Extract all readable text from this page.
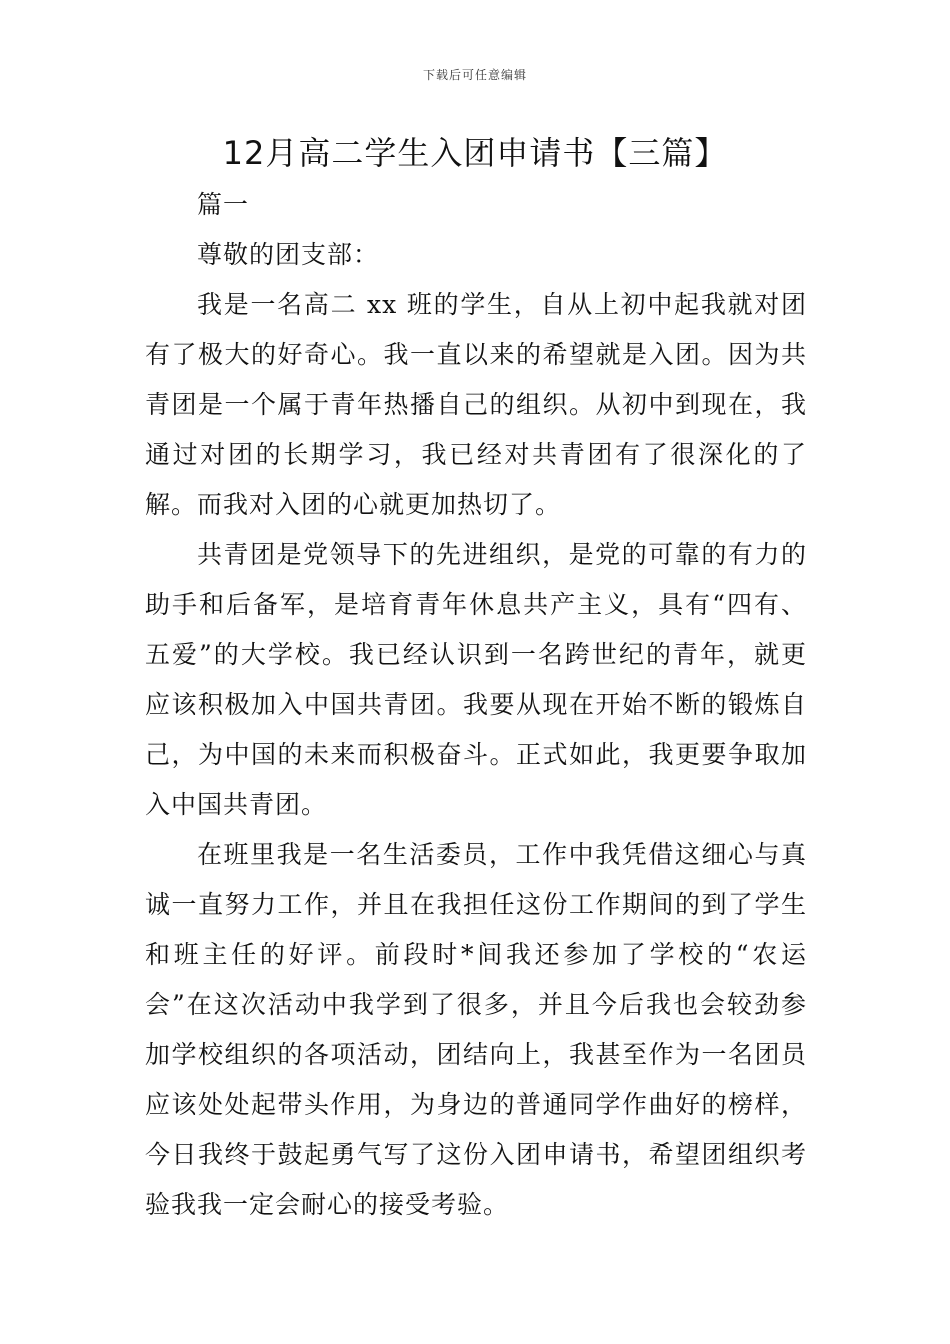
下载后可任意编辑
12月高二学生入团申请书【三篇】

篇一

尊敬的团支部：

我是一名高二 xx 班的学生，自从上初中起我就对团有了极大的好奇心。我一直以来的希望就是入团。因为共青团是一个属于青年热播自己的组织。从初中到现在，我通过对团的长期学习，我已经对共青团有了很深化的了解。而我对入团的心就更加热切了。

共青团是党领导下的先进组织，是党的可靠的有力的助手和后备军，是培育青年休息共产主义，具有“四有、五爱”的大学校。我已经认识到一名跨世纪的青年，就更应该积极加入中国共青团。我要从现在开始不断的锻炼自己，为中国的未来而积极奋斗。正式如此，我更要争取加入中国共青团。

在班里我是一名生活委员，工作中我凭借这细心与真诚一直努力工作，并且在我担任这份工作期间的到了学生和班主任的好评。前段时*间我还参加了学校的“农运会”在这次活动中我学到了很多，并且今后我也会较劲参加学校组织的各项活动，团结向上，我甚至作为一名团员应该处处起带头作用，为身边的普通同学作曲好的榜样，今日我终于鼓起勇气写了这份入团申请书，希望团组织考验我我一定会耐心的接受考验。
